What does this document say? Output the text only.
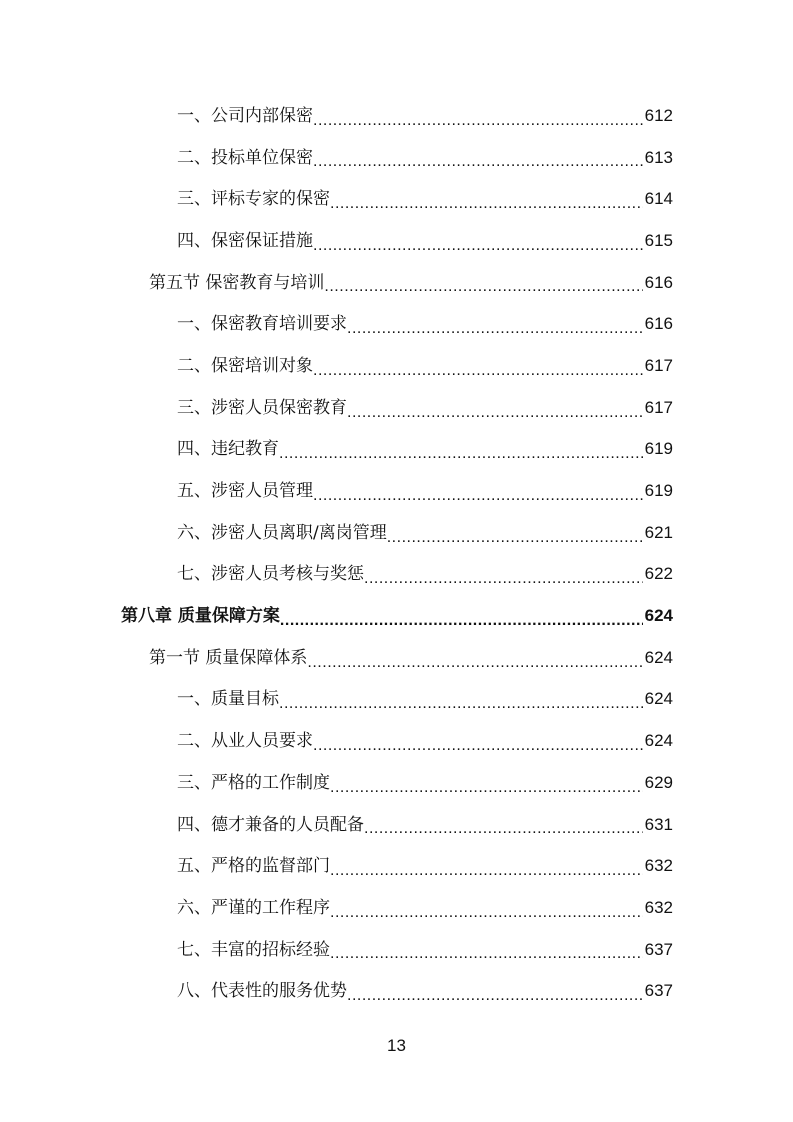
一、公司内部保密 .....	612
二、投标单位保密 .....	613
三、评标专家的保密 .....	614
四、保密保证措施 .....	615
第五节 保密教育与培训 .....	616
一、保密教育培训要求 .....	616
二、保密培训对象 .....	617
三、涉密人员保密教育 .....	617
四、违纪教育 .....	619
五、涉密人员管理 .....	619
六、涉密人员离职/离岗管理 .....	621
七、涉密人员考核与奖惩 .....	622
第八章 质量保障方案 .....	624
第一节 质量保障体系 .....	624
一、质量目标 .....	624
二、从业人员要求 .....	624
三、严格的工作制度 .....	629
四、德才兼备的人员配备 .....	631
五、严格的监督部门 .....	632
六、严谨的工作程序 .....	632
七、丰富的招标经验 .....	637
八、代表性的服务优势 .....	637
13
